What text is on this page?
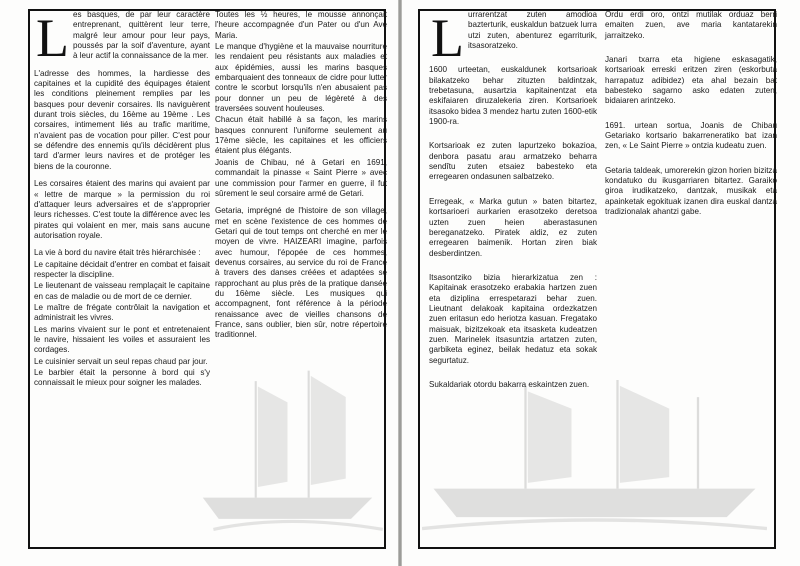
L es basques, de par leur caractère entreprenant, quittèrent leur terre, malgré leur amour pour leur pays, poussés par la soif d'aventure, ayant à leur actif la connaissance de la mer.

L'adresse des hommes, la hardiesse des capitaines et la cupidité des équipages étaient les conditions pleinement remplies par les basques pour devenir corsaires. Ils naviguèrent durant trois siècles, du 16ème au 19ème . Les corsaires, intimement liés au trafic maritime, n'avaient pas de vocation pour piller. C'est pour se défendre des ennemis qu'ils décidèrent plus tard d'armer leurs navires et de protéger les biens de la couronne.

Les corsaires étaient des marins qui avaient par « lettre de marque » la permission du roi d'attaquer leurs adversaires et de s'approprier leurs richesses. C'est toute la différence avec les pirates qui volaient en mer, mais sans aucune autorisation royale.

La vie à bord du navire était très hiérarchisée :

Le capitaine décidait d'entrer en combat et faisait respecter la discipline.

Le lieutenant de vaisseau remplaçait le capitaine en cas de maladie ou de mort de ce dernier.

Le maître de frégate contrôlait la navigation et administrait les vivres.

Les marins vivaient sur le pont et entretenaient le navire, hissaient les voiles et assuraient les cordages.

Le cuisinier servait un seul repas chaud par jour.

Le barbier était la personne à bord qui s'y connaissait le mieux pour soigner les malades.

Toutes les ½ heures, le mousse annonçait l'heure accompagnée d'un Pater ou d'un Ave Maria.

Le manque d'hygiène et la mauvaise nourriture les rendaient peu résistants aux maladies et aux épidémies, aussi les marins basques embarquaient des tonneaux de cidre pour lutter contre le scorbut lorsqu'ils n'en abusaient pas pour donner un peu de légèreté à des traversées souvent houleuses.

Chacun était habillé à sa façon, les marins basques connurent l'uniforme seulement au 17ème siècle, les capitaines et les officiers étaient plus élégants.

Joanis de Chibau, né à Getari en 1691, commandait la pinasse « Saint Pierre » avec une commission pour l'armer en guerre, il fut sûrement le seul corsaire armé de Getari.

Getaria, imprégné de l'histoire de son village, met en scène l'existence de ces hommes de Getari qui de tout temps ont cherché en mer le moyen de vivre. HAIZEARI imagine, parfois avec humour, l'épopée de ces hommes, devenus corsaires, au service du roi de France à travers des danses créées et adaptées se rapprochant au plus près de la pratique dansée du 16ème siècle. Les musiques qui accompagnent, font référence à la période renaissance avec de vieilles chansons de France, sans oublier, bien sûr, notre répertoire traditionnel.

L urrarentzat zuten amodioa bazterturik, euskaldun batzuek lurra utzi zuten, abenturez egarriturik, itsasoratzeko.

1600 urteetan, euskaldunek kortsarioak bilakatzeko behar zituzten baldintzak, trebetasuna, ausartzia kapitainentzat eta eskifaiaren diruzalekeria ziren. Kortsarioek itsasoko bidea 3 mendez hartu zuten 1600-etik 1900-ra.

Kortsarioak ez zuten lapurtzeko bokazioa, denbora pasatu arau armatzeko beharra sendîtu zuten etsaiez babesteko eta erregearen ondasunen salbatzeko.

Erregeak, « Marka gutun » baten bitartez, kortsarioeri aurkarien erasotzeko deretsoa uzten zuen heien aberastasunen bereganatzeko. Piratek aldiz, ez zuten erregearen baimenik. Hortan ziren biak desberdintzen.

Itsasontziko bizia hierarkizatua zen : Kapitainak erasotzeko erabakia hartzen zuen eta diziplina errespetarazi behar zuen. Lieutnant delakoak kapitaina ordezkatzen zuen eritasun edo heriotza kasuan. Fregatako maisuak, bizitzekoak eta itsasketa kudeatzen zuen. Marinelek itsasuntzia artatzen zuten, garbiketa eginez, beilak hedatuz eta sokak segurtatuz.

Sukaldariak otordu bakarra eskaintzen zuen.

Ordu erdi oro, ontzi mutilak orduaz berri emaiten zuen, ave maria kantatarekin jarraitzeko.

Janari txarra eta higiene eskasagatik, kortsarioak erreski eritzen ziren (eskorbuta harrapatuz adibidez) eta ahal bezain bat babesteko sagarno asko edaten zuten, bidaiaren arintzeko.

1691. urtean sortua, Joanis de Chibau Getariako kortsario bakarreneratiko bat izan zen, « Le Saint Pierre » ontzia kudeatu zuen.

Getaria taldeak, umorerekin gizon horien bizitza kondatuko du ikusgarriaren bitartez. Garaiko giroa irudikatzeko, dantzak, musikak eta apainketak egokituak izanen dira euskal dantza tradizionalak ahantzi gabe.
